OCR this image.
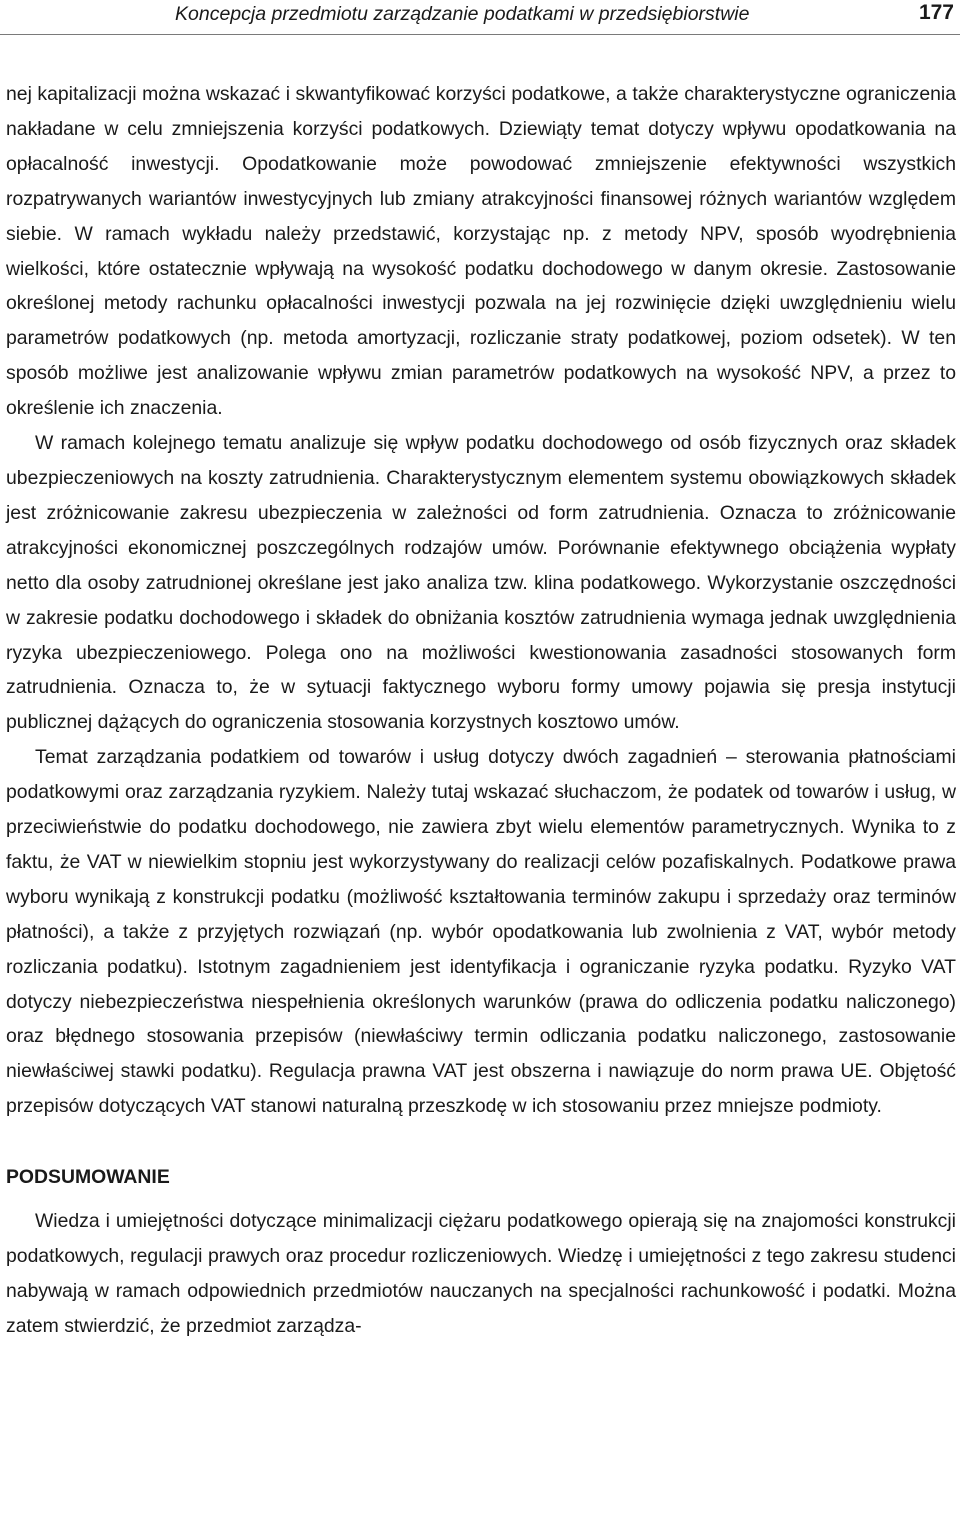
Koncepcja przedmiotu zarządzanie podatkami w przedsiębiorstwie	177

nej kapitalizacji można wskazać i skwantyfikować korzyści podatkowe, a także charakterystyczne ograniczenia nakładane w celu zmniejszenia korzyści podatkowych. Dziewiąty temat dotyczy wpływu opodatkowania na opłacalność inwestycji. Opodatkowanie może powodować zmniejszenie efektywności wszystkich rozpatrywanych wariantów inwestycyjnych lub zmiany atrakcyjności finansowej różnych wariantów względem siebie. W ramach wykładu należy przedstawić, korzystając np. z metody NPV, sposób wyodrębnienia wielkości, które ostatecznie wpływają na wysokość podatku dochodowego w danym okresie. Zastosowanie określonej metody rachunku opłacalności inwestycji pozwala na jej rozwinięcie dzięki uwzględnieniu wielu parametrów podatkowych (np. metoda amortyzacji, rozliczanie straty podatkowej, poziom odsetek). W ten sposób możliwe jest analizowanie wpływu zmian parametrów podatkowych na wysokość NPV, a przez to określenie ich znaczenia.

W ramach kolejnego tematu analizuje się wpływ podatku dochodowego od osób fizycznych oraz składek ubezpieczeniowych na koszty zatrudnienia. Charakterystycznym elementem systemu obowiązkowych składek jest zróżnicowanie zakresu ubezpieczenia w zależności od form zatrudnienia. Oznacza to zróżnicowanie atrakcyjności ekonomicznej poszczególnych rodzajów umów. Porównanie efektywnego obciążenia wypłaty netto dla osoby zatrudnionej określane jest jako analiza tzw. klina podatkowego. Wykorzystanie oszczędności w zakresie podatku dochodowego i składek do obniżania kosztów zatrudnienia wymaga jednak uwzględnienia ryzyka ubezpieczeniowego. Polega ono na możliwości kwestionowania zasadności stosowanych form zatrudnienia. Oznacza to, że w sytuacji faktycznego wyboru formy umowy pojawia się presja instytucji publicznej dążących do ograniczenia stosowania korzystnych kosztowo umów.

Temat zarządzania podatkiem od towarów i usług dotyczy dwóch zagadnień – sterowania płatnościami podatkowymi oraz zarządzania ryzykiem. Należy tutaj wskazać słuchaczom, że podatek od towarów i usług, w przeciwieństwie do podatku dochodowego, nie zawiera zbyt wielu elementów parametrycznych. Wynika to z faktu, że VAT w niewielkim stopniu jest wykorzystywany do realizacji celów pozafiskalnych. Podatkowe prawa wyboru wynikają z konstrukcji podatku (możliwość kształtowania terminów zakupu i sprzedaży oraz terminów płatności), a także z przyjętych rozwiązań (np. wybór opodatkowania lub zwolnienia z VAT, wybór metody rozliczania podatku). Istotnym zagadnieniem jest identyfikacja i ograniczanie ryzyka podatku. Ryzyko VAT dotyczy niebezpieczeństwa niespełnienia określonych warunków (prawa do odliczenia podatku naliczonego) oraz błędnego stosowania przepisów (niewłaściwy termin odliczania podatku naliczonego, zastosowanie niewłaściwej stawki podatku). Regulacja prawna VAT jest obszerna i nawiązuje do norm prawa UE. Objętość przepisów dotyczących VAT stanowi naturalną przeszkodę w ich stosowaniu przez mniejsze podmioty.

PODSUMOWANIE

Wiedza i umiejętności dotyczące minimalizacji ciężaru podatkowego opierają się na znajomości konstrukcji podatkowych, regulacji prawych oraz procedur rozliczeniowych. Wiedzę i umiejętności z tego zakresu studenci nabywają w ramach odpowiednich przedmiotów nauczanych na specjalności rachunkowość i podatki. Można zatem stwierdzić, że przedmiot zarządza-
